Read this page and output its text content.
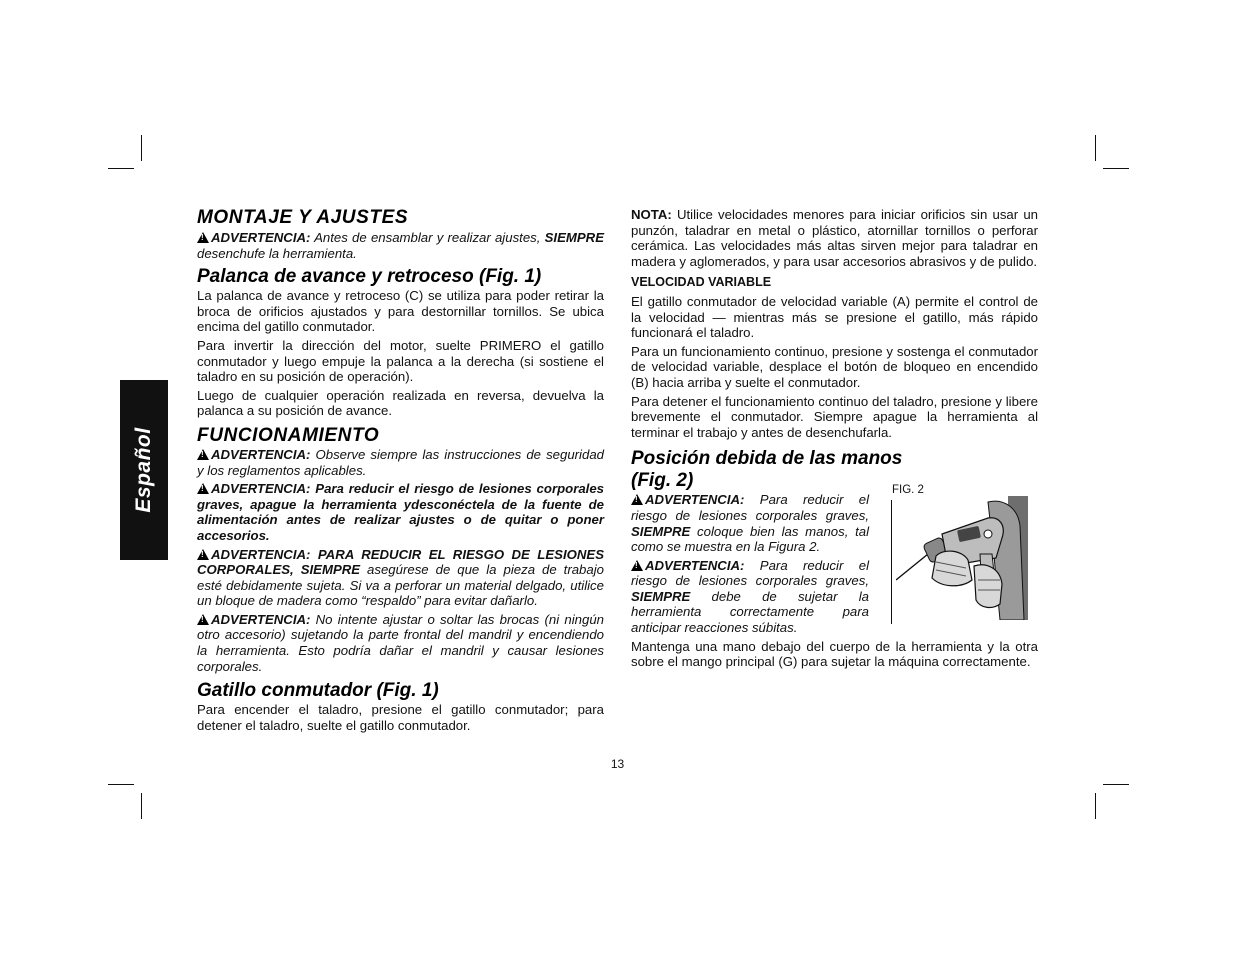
Español
MONTAJE Y AJUSTES

!ADVERTENCIA: Antes de ensamblar y realizar ajustes, SIEMPRE desenchufe la herramienta.

Palanca de avance y retroceso (Fig. 1)

La palanca de avance y retroceso (C) se utiliza para poder retirar la broca de orificios ajustados y para destornillar tornillos. Se ubica encima del gatillo conmutador.

Para invertir la dirección del motor, suelte PRIMERO el gatillo conmutador y luego empuje la palanca a la derecha (si sostiene el taladro en su posición de operación).

Luego de cualquier operación realizada en reversa, devuelva la palanca a su posición de avance.

FUNCIONAMIENTO

!ADVERTENCIA: Observe siempre las instrucciones de seguridad y los reglamentos aplicables.

!ADVERTENCIA: Para reducir el riesgo de lesiones corporales graves, apague la herramienta ydesconéctela de la fuente de alimentación antes de realizar ajustes o de quitar o poner accesorios.

!ADVERTENCIA: PARA REDUCIR EL RIESGO DE LESIONES CORPORALES, SIEMPRE asegúrese de que la pieza de trabajo esté debidamente sujeta. Si va a perforar un material delgado, utilice un bloque de madera como “respaldo” para evitar dañarlo.

!ADVERTENCIA: No intente ajustar o soltar las brocas (ni ningún otro accesorio) sujetando la parte frontal del mandril y encendiendo la herramienta. Esto podría dañar el mandril y causar lesiones corporales.

Gatillo conmutador (Fig. 1)

Para encender el taladro, presione el gatillo conmutador; para detener el taladro, suelte el gatillo conmutador.

NOTA: Utilice velocidades menores para iniciar orificios sin usar un punzón, taladrar en metal o plástico, atornillar tornillos o perforar cerámica. Las velocidades más altas sirven mejor para taladrar en madera y aglomerados, y para usar accesorios abrasivos y de pulido.

VELOCIDAD VARIABLE

El gatillo conmutador de velocidad variable (A) permite el control de la velocidad — mientras más se presione el gatillo, más rápido funcionará el taladro.

Para un funcionamiento continuo, presione y sostenga el conmutador de velocidad variable, desplace el botón de bloqueo en encendido (B) hacia arriba y suelte el conmutador.

Para detener el funcionamiento continuo del taladro, presione y libere brevemente el conmutador. Siempre apague la herramienta al terminar el trabajo y antes de desenchufarla.

Posición debida de las manos
(Fig. 2)

!ADVERTENCIA: Para reducir el riesgo de lesiones corporales graves, SIEMPRE coloque bien las manos, tal como se muestra en la Figura 2.

!ADVERTENCIA: Para reducir el riesgo de lesiones corporales graves, SIEMPRE debe de sujetar la herramienta correctamente para anticipar reacciones súbitas.

Mantenga una mano debajo del cuerpo de la herramienta y la otra sobre el mango principal (G) para sujetar la máquina correctamente.

FIG. 2
13
